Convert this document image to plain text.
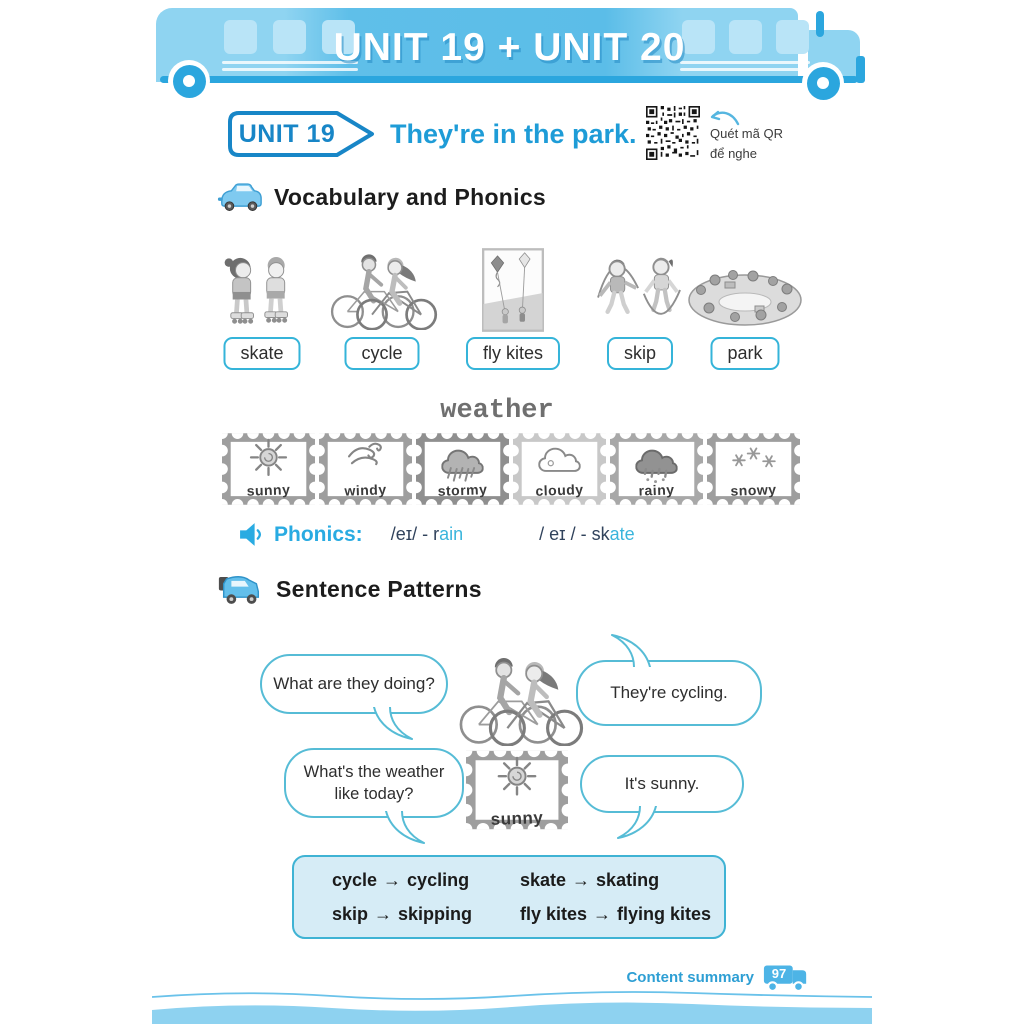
UNIT 19 + UNIT 20
UNIT 19	They're in the park.	Quét mã QR
để nghe
Vocabulary and Phonics
skate	cycle	fly kites	skip	park
weather
sunny	windy	stormy	cloudy	rainy	snowy
Phonics: /eɪ/ - rain	/ eɪ / - skate
Sentence Patterns
What are they doing?	They're cycling.
sunny
What's the weather like today?
It's sunny.
cycle → cycling	skate → skating
skip → skipping	fly kites → flying kites
Content summary	97
